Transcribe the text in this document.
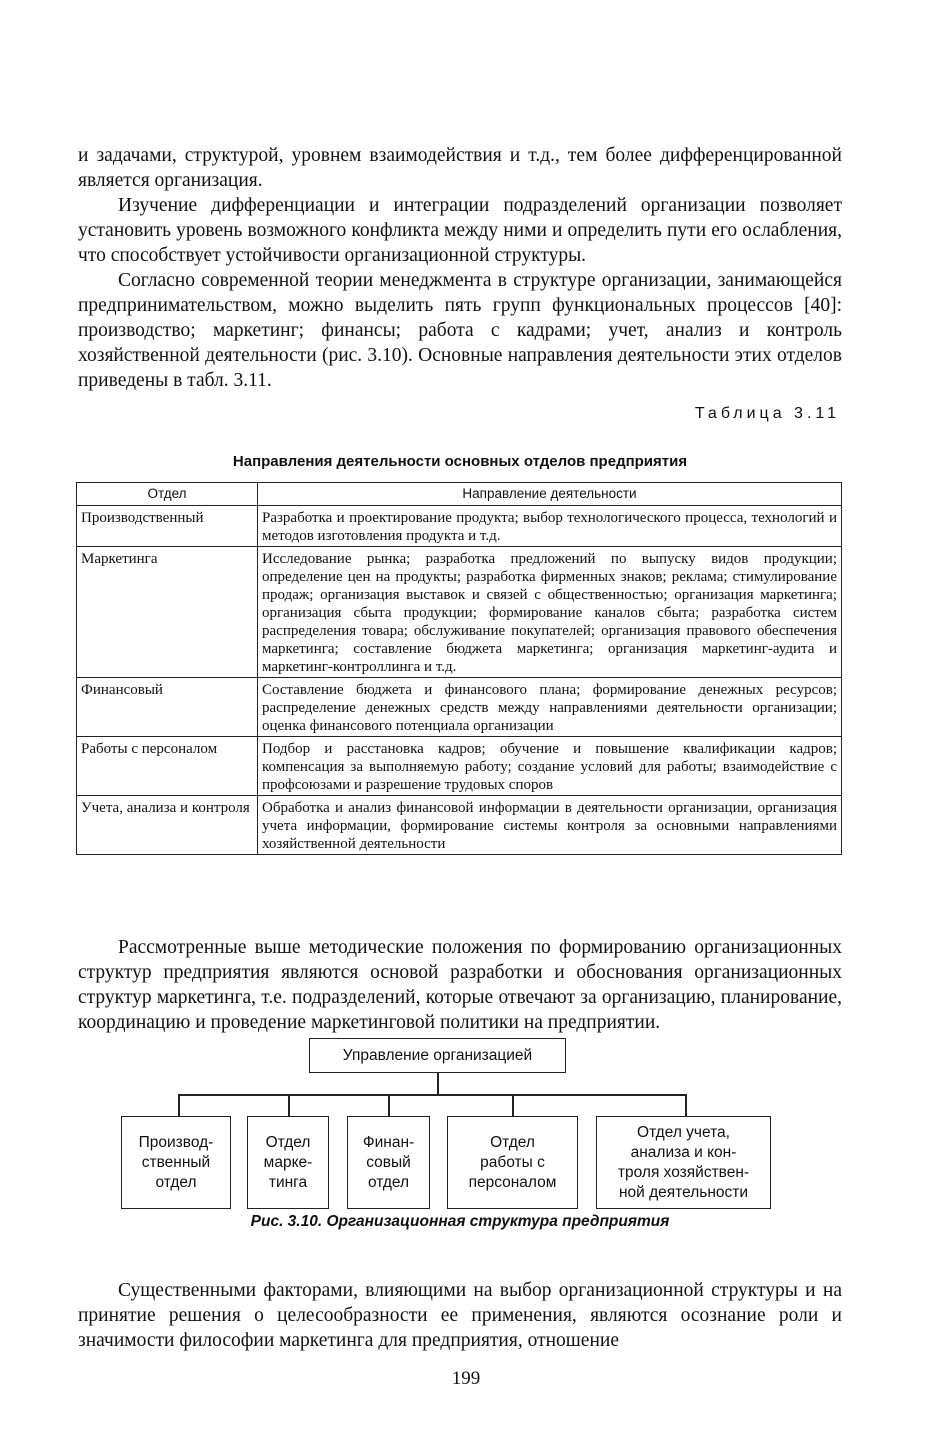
и задачами, структурой, уровнем взаимодействия и т.д., тем более дифференцированной является организация.

Изучение дифференциации и интеграции подразделений организации позволяет установить уровень возможного конфликта между ними и определить пути его ослабления, что способствует устойчивости организационной структуры.

Согласно современной теории менеджмента в структуре организации, занимающейся предпринимательством, можно выделить пять групп функциональных процессов [40]: производство; маркетинг; финансы; работа с кадрами; учет, анализ и контроль хозяйственной деятельности (рис. 3.10). Основные направления деятельности этих отделов приведены в табл. 3.11.

Таблица 3.11
Направления деятельности основных отделов предприятия
Отдел	Направление деятельности
Производственный	Разработка и проектирование продукта; выбор технологического процесса, технологий и методов изготовления продукта и т.д.
Маркетинга	Исследование рынка; разработка предложений по выпуску видов продукции; определение цен на продукты; разработка фирменных знаков; реклама; стимулирование продаж; организация выставок и связей с общественностью; организация маркетинга; организация сбыта продукции; формирование каналов сбыта; разработка систем распределения товара; обслуживание покупателей; организация правового обеспечения маркетинга; составление бюджета маркетинга; организация маркетинг-аудита и маркетинг-контроллинга и т.д.
Финансовый	Составление бюджета и финансового плана; формирование денежных ресурсов; распределение денежных средств между направлениями деятельности организации; оценка финансового потенциала организации
Работы с персоналом	Подбор и расстановка кадров; обучение и повышение квалификации кадров; компенсация за выполняемую работу; создание условий для работы; взаимодействие с профсоюзами и разрешение трудовых споров
Учета, анализа и контроля	Обработка и анализ финансовой информации в деятельности организации, организация учета информации, формирование системы контроля за основными направлениями хозяйственной деятельности

Рассмотренные выше методические положения по формированию организационных структур предприятия являются основой разработки и обоснования организационных структур маркетинга, т.е. подразделений, которые отвечают за организацию, планирование, координацию и проведение маркетинговой политики на предприятии.

Управление организацией
Производ-
ственный
отдел
Отдел
марке-
тинга
Финан-
совый
отдел
Отдел
работы с
персоналом
Отдел учета,
анализа и кон-
троля хозяйствен-
ной деятельности
Рис. 3.10. Организационная структура предприятия

Существенными факторами, влияющими на выбор организационной структуры и на принятие решения о целесообразности ее применения, являются осознание роли и значимости философии маркетинга для предприятия, отношение

199
